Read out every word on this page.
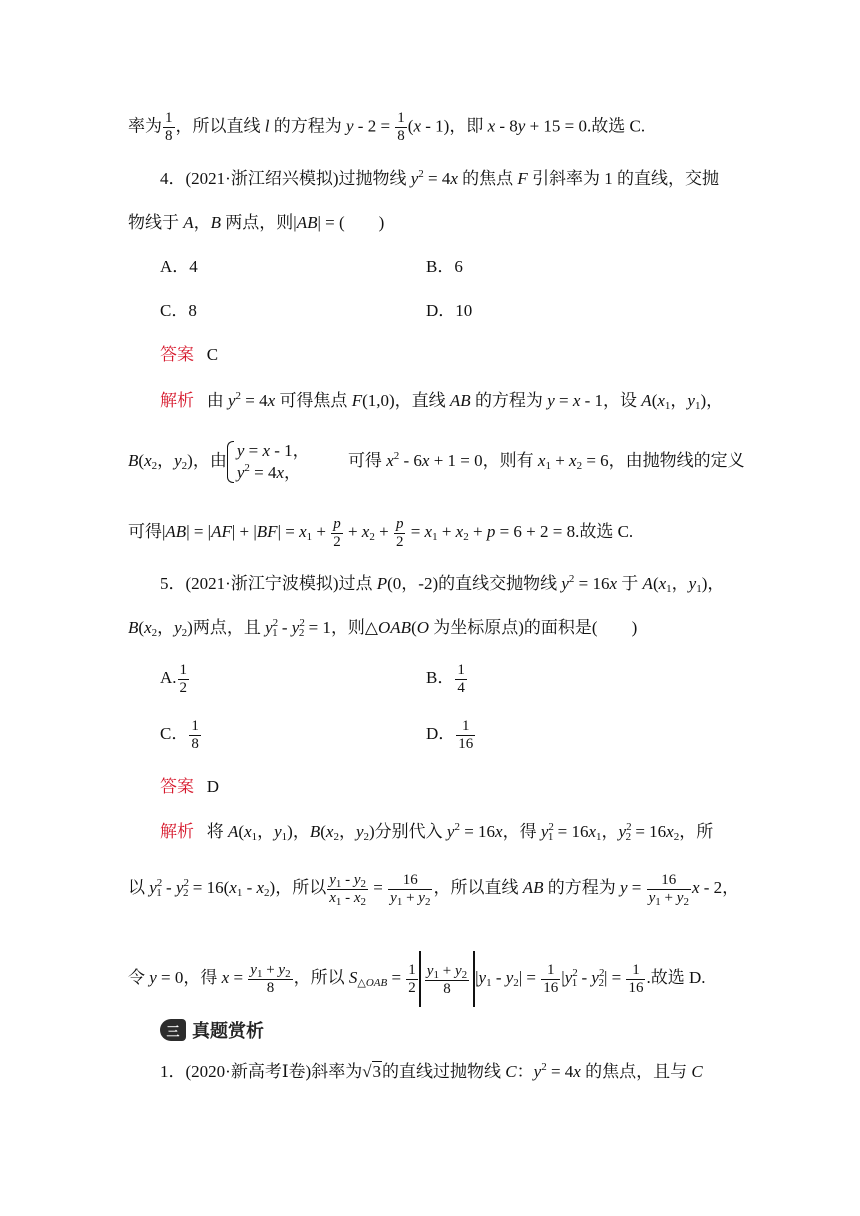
率为 $\frac{1}{8}$ ，所以直线 l 的方程为 $y - 2 = \frac{1}{8} (x - 1)$，即 x - 8y + 15 = 0.故选 C.
4．(2021·浙江绍兴模拟)过抛物线 $y^2 = 4x$ 的焦点 F 引斜率为 1 的直线，交抛
物线于 A，B 两点，则|AB| = (　　)
A．4	B．6
C．8	D．10
答案 C
解析 由 $y^2 = 4x$ 可得焦点 F(1,0)，直线 AB 的方程为 y = x - 1，设 $A(x_1$，$y_1$)，
$B(x_2$，$y_2$)，由
y = x - 1，
$y^2 = 4x$，
可得 $x^2 - 6x + 1 = 0$，则有 $x_1 + x_2 = 6$，由抛物线的定义
可得$|AB| = |AF| + |BF| = x_1 + \frac{p}{2} + x_2 + \frac{p}{2} = x_1 + x_2 + p = 6 + 2 = 8$.故选 C.
5．(2021·浙江宁波模拟)过点 P(0，-2)的直线交抛物线 $y^2 = 16x$ 于 $A(x_1$，$y_1$)，
$B(x_2$，$y_2$)两点，且 $y^2_1 - y^2_2 = 1$，则△OAB(O 为坐标原点)的面积是(　　)
A. $\frac{1}{2}$	B． $\frac{1}{4}$
C． $\frac{1}{8}$	D． $\frac{1}{16}$
答案 D
解析 将 $A(x_1$，$y_1$)，$B(x_2$，$y_2$)分别代入 $y^2 = 16x$，得 $y^2_1 = 16x_1$，$y^2_2 = 16x_2$，所
以 $y^2_1 - y^2_2 = 16(x_1 - x_2)$，所以 $\frac{y_1 - y_2}{x_1 - x_2} = \frac{16}{y_1 + y_2}$ ，所以直线 AB 的方程为 $y = \frac{16}{y_1 + y_2}$ x - 2，
令 y = 0，得 $x = \frac{y_1 + y_2}{8}$ ，所以 $S_{\triangle OAB} = \frac{1}{2} \frac{y_1 + y_2}{8} |y_1 - y_2| = \frac{1}{16} |y^2_1 - y^2_2| = \frac{1}{16}$ .故选 D.
三 真题赏析
1．(2020·新高考Ⅰ卷)斜率为√3的直线过抛物线 C：$y^2 = 4x$ 的焦点，且与 C
